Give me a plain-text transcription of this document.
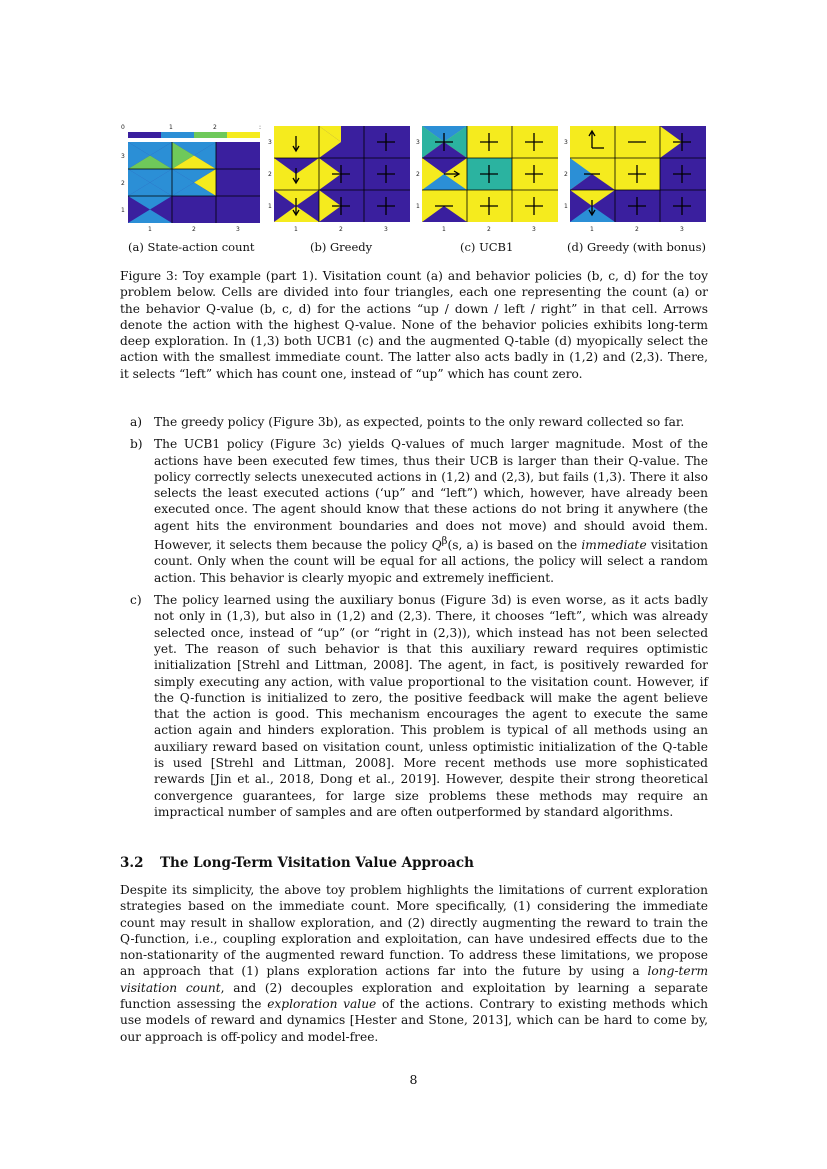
0	1	2	:
3
2
1
1	2	3
3
2
1
1	2	3
3
2
1
1	2	3
3
2
1
1	2	3
(a) State-action count	(b) Greedy	(c) UCB1	(d) Greedy (with bonus)

Figure 3: Toy example (part 1). Visitation count (a) and behavior policies (b, c, d) for the toy problem below. Cells are divided into four triangles, each one representing the count (a) or the behavior Q-value (b, c, d) for the actions “up / down / left / right” in that cell. Arrows denote the action with the highest Q-value. None of the behavior policies exhibits long-term deep exploration. In (1,3) both UCB1 (c) and the augmented Q-table (d) myopically select the action with the smallest immediate count. The latter also acts badly in (1,2) and (2,3). There, it selects “left” which has count one, instead of “up” which has count zero.

a) The greedy policy (Figure 3b), as expected, points to the only reward collected so far.
b) The UCB1 policy (Figure 3c) yields Q-values of much larger magnitude. Most of the actions have been executed few times, thus their UCB is larger than their Q-value. The policy correctly selects unexecuted actions in (1,2) and (2,3), but fails (1,3). There it also selects the least executed actions (‘up” and “left”) which, however, have already been executed once. The agent should know that these actions do not bring it anywhere (the agent hits the environment boundaries and does not move) and should avoid them. However, it selects them because the policy $Q^\beta(s$, a) is based on the immediate visitation count. Only when the count will be equal for all actions, the policy will select a random action. This behavior is clearly myopic and extremely inefficient.
c) The policy learned using the auxiliary bonus (Figure 3d) is even worse, as it acts badly not only in (1,3), but also in (1,2) and (2,3). There, it chooses “left”, which was already selected once, instead of “up” (or “right in (2,3)), which instead has not been selected yet. The reason of such behavior is that this auxiliary reward requires optimistic initialization [Strehl and Littman, 2008]. The agent, in fact, is positively rewarded for simply executing any action, with value proportional to the visitation count. However, if the Q-function is initialized to zero, the positive feedback will make the agent believe that the action is good. This mechanism encourages the agent to execute the same action again and hinders exploration. This problem is typical of all methods using an auxiliary reward based on visitation count, unless optimistic initialization of the Q-table is used [Strehl and Littman, 2008]. More recent methods use more sophisticated rewards [Jin et al., 2018, Dong et al., 2019]. However, despite their strong theoretical convergence guarantees, for large size problems these methods may require an impractical number of samples and are often outperformed by standard algorithms.
3.2 The Long-Term Visitation Value Approach

Despite its simplicity, the above toy problem highlights the limitations of current exploration strategies based on the immediate count. More specifically, (1) considering the immediate count may result in shallow exploration, and (2) directly augmenting the reward to train the Q-function, i.e., coupling exploration and exploitation, can have undesired effects due to the non-stationarity of the augmented reward function. To address these limitations, we propose an approach that (1) plans exploration actions far into the future by using a long-term visitation count, and (2) decouples exploration and exploitation by learning a separate function assessing the exploration value of the actions. Contrary to existing methods which use models of reward and dynamics [Hester and Stone, 2013], which can be hard to come by, our approach is off-policy and model-free.

8
